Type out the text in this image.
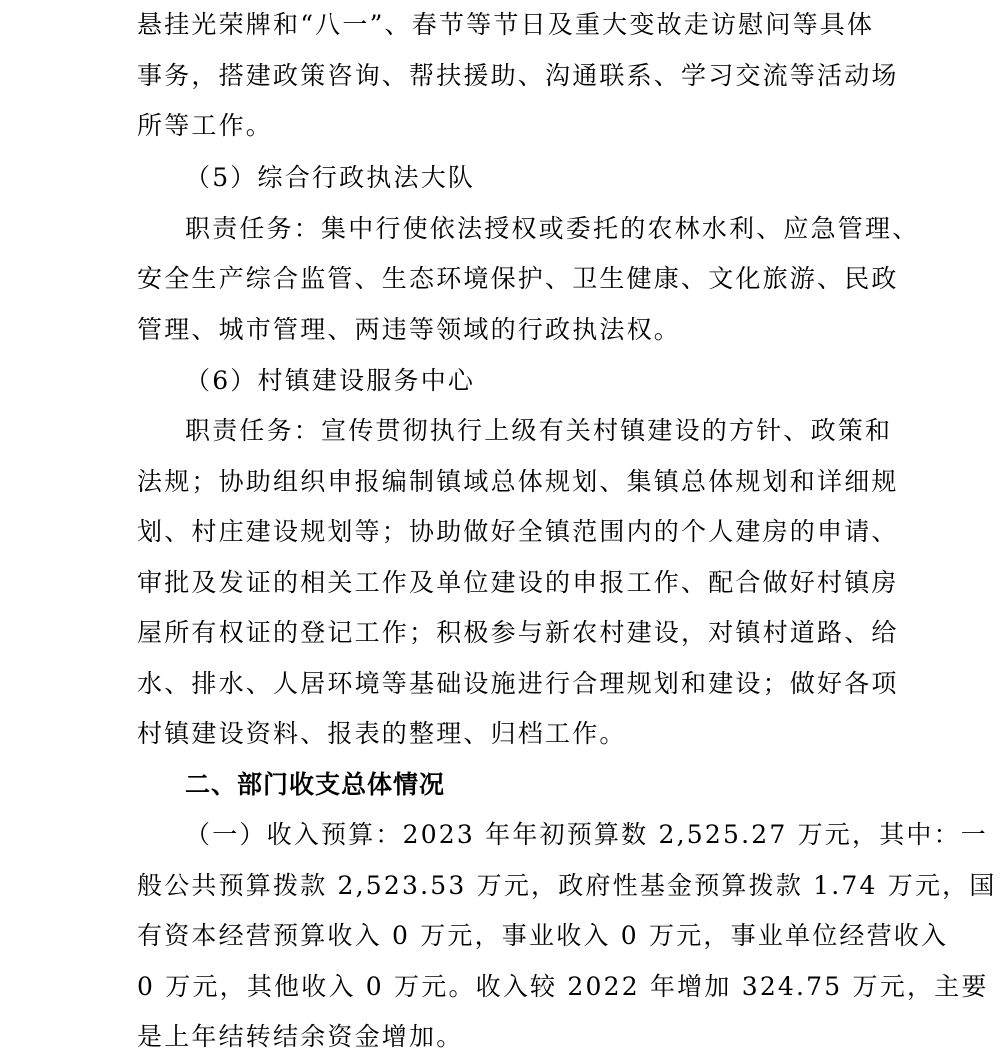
悬挂光荣牌和“八一”、春节等节日及重大变故走访慰问等具体
事务，搭建政策咨询、帮扶援助、沟通联系、学习交流等活动场
所等工作。
（5）综合行政执法大队
职责任务：集中行使依法授权或委托的农林水利、应急管理、
安全生产综合监管、生态环境保护、卫生健康、文化旅游、民政
管理、城市管理、两违等领域的行政执法权。
（6）村镇建设服务中心
职责任务：宣传贯彻执行上级有关村镇建设的方针、政策和
法规；协助组织申报编制镇域总体规划、集镇总体规划和详细规
划、村庄建设规划等；协助做好全镇范围内的个人建房的申请、
审批及发证的相关工作及单位建设的申报工作、配合做好村镇房
屋所有权证的登记工作；积极参与新农村建设，对镇村道路、给
水、排水、人居环境等基础设施进行合理规划和建设；做好各项
村镇建设资料、报表的整理、归档工作。
二、部门收支总体情况
（一）收入预算：2023 年年初预算数 2,525.27 万元，其中：一
般公共预算拨款 2,523.53 万元，政府性基金预算拨款 1.74 万元，国
有资本经营预算收入 0 万元，事业收入 0 万元，事业单位经营收入
0 万元，其他收入 0 万元。收入较 2022 年增加 324.75 万元，主要
是上年结转结余资金增加。
